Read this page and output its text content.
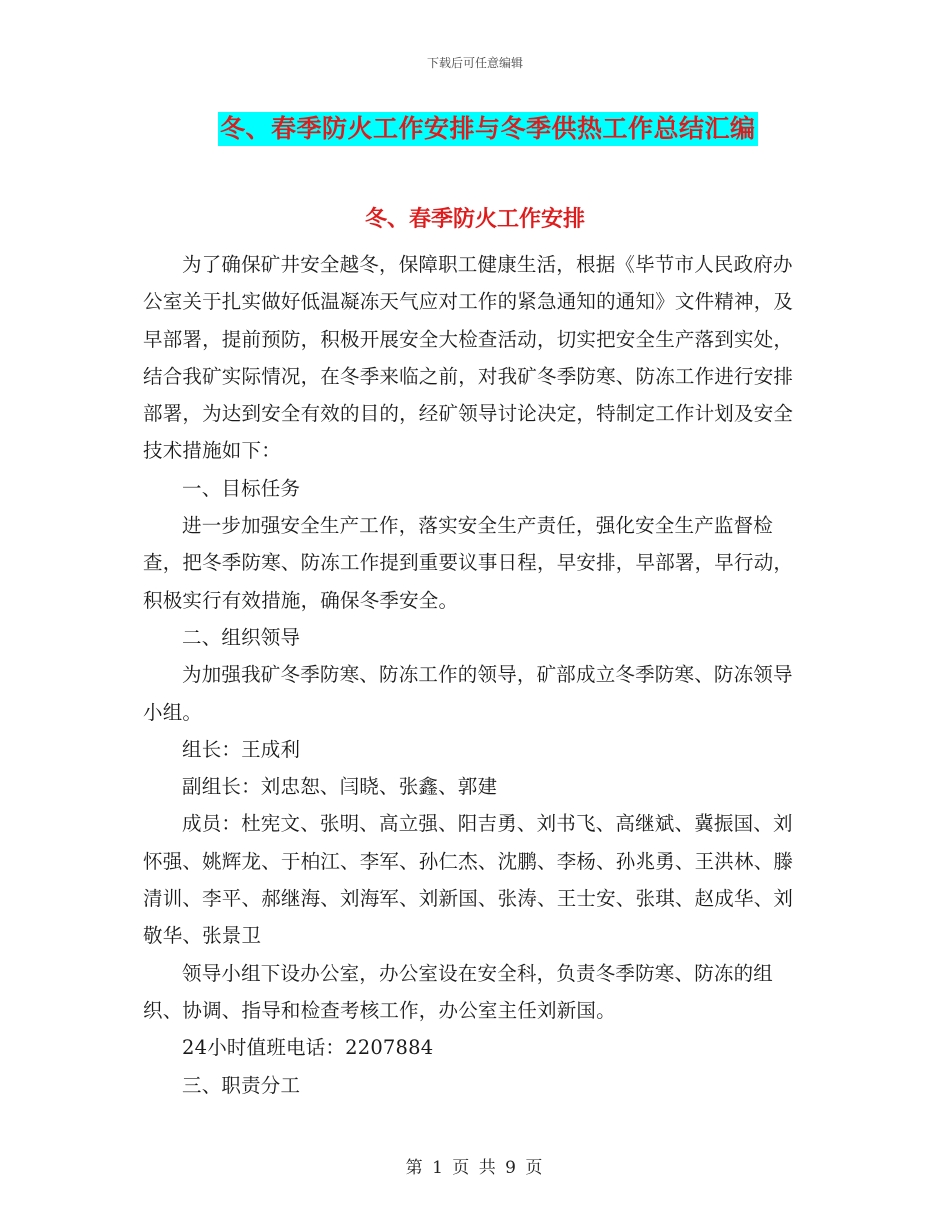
下载后可任意编辑
冬、春季防火工作安排与冬季供热工作总结汇编
冬、春季防火工作安排

为了确保矿井安全越冬，保障职工健康生活，根据《毕节市人民政府办公室关于扎实做好低温凝冻天气应对工作的紧急通知的通知》文件精神，及早部署，提前预防，积极开展安全大检查活动，切实把安全生产落到实处，结合我矿实际情况，在冬季来临之前，对我矿冬季防寒、防冻工作进行安排部署，为达到安全有效的目的，经矿领导讨论决定，特制定工作计划及安全技术措施如下：

一、目标任务

进一步加强安全生产工作，落实安全生产责任，强化安全生产监督检查，把冬季防寒、防冻工作提到重要议事日程，早安排，早部署，早行动，积极实行有效措施，确保冬季安全。

二、组织领导

为加强我矿冬季防寒、防冻工作的领导，矿部成立冬季防寒、防冻领导小组。

组长：王成利

副组长：刘忠恕、闫晓、张鑫、郭建

成员：杜宪文、张明、高立强、阳吉勇、刘书飞、高继斌、冀振国、刘怀强、姚辉龙、于柏江、李军、孙仁杰、沈鹏、李杨、孙兆勇、王洪林、滕清训、李平、郝继海、刘海军、刘新国、张涛、王士安、张琪、赵成华、刘敬华、张景卫

领导小组下设办公室，办公室设在安全科，负责冬季防寒、防冻的组织、协调、指导和检查考核工作，办公室主任刘新国。

24小时值班电话：2207884

三、职责分工

第 1 页 共 9 页
